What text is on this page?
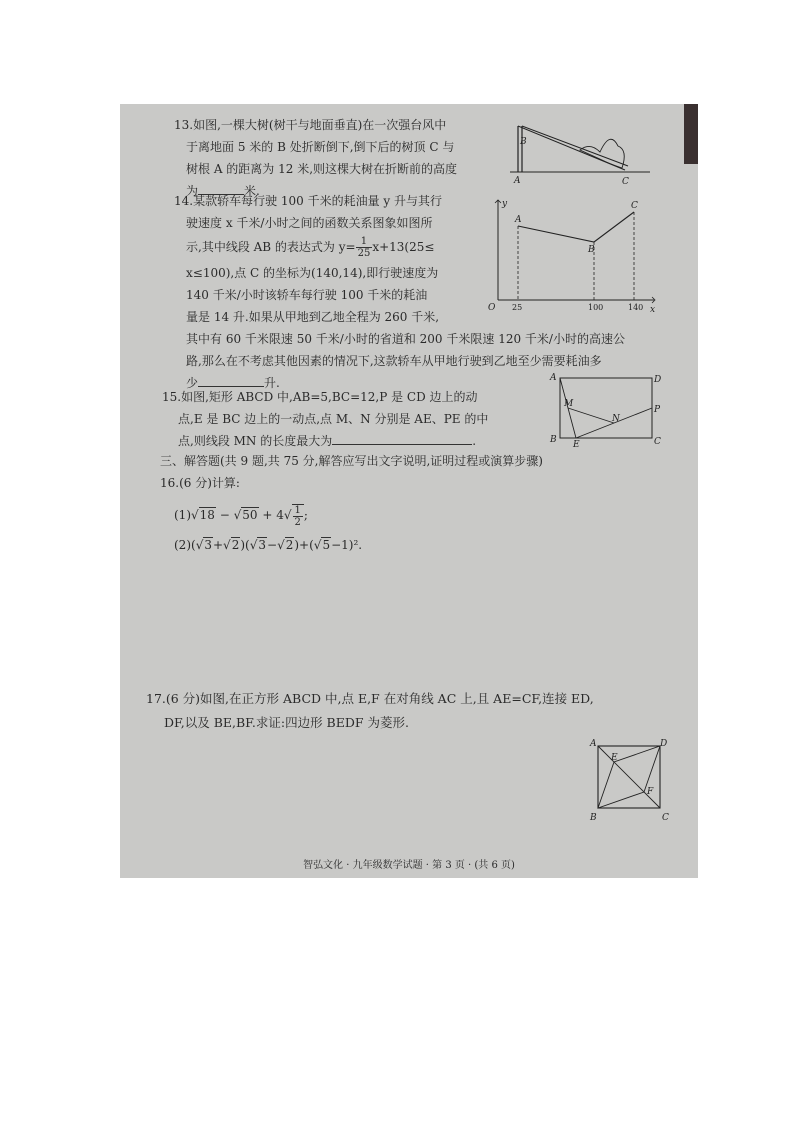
13.如图,一棵大树(树干与地面垂直)在一次强台风中
于离地面 5 米的 B 处折断倒下,倒下后的树顶 C 与
树根 A 的距离为 12 米,则这棵大树在折断前的高度
为	米.
B
A	C
14.某款轿车每行驶 100 千米的耗油量 y 升与其行
驶速度 x 千米/小时之间的函数关系图象如图所
示,其中线段 AB 的表达式为 $y= \frac{1}{25} x+13(25\le$
x≤100),点 C 的坐标为(140,14),即行驶速度为
140 千米/小时该轿车每行驶 100 千米的耗油
量是 14 升.如果从甲地到乙地全程为 260 千米,
其中有 60 千米限速 50 千米/小时的省道和 200 千米限速 120 千米/小时的高速公
路,那么在不考虑其他因素的情况下,这款轿车从甲地行驶到乙地至少需要耗油多
少	升.
y
x
O
A
B
C
25	100	140
15.如图,矩形 ABCD 中,AB=5,BC=12,P 是 CD 边上的动
点,E 是 BC 边上的一动点,点 M、N 分别是 AE、PE 的中
点,则线段 MN 的长度最大为	.
A	D
B	C
E
P
M
N
三、解答题(共 9 题,共 75 分,解答应写出文字说明,证明过程或演算步骤)
16.(6 分)计算:
$(1)√18 - √50 + 4√ \frac{1}{2}$ ;
(2)(√3+√2)(√3−√2)+(√5−1)².
17.(6 分)如图,在正方形 ABCD 中,点 E,F 在对角线 AC 上,且 AE=CF,连接 ED,
DF,以及 BE,BF.求证:四边形 BEDF 为菱形.
A	D
B	C
E
F
智弘文化 · 九年级数学试题 · 第 3 页 · (共 6 页)
